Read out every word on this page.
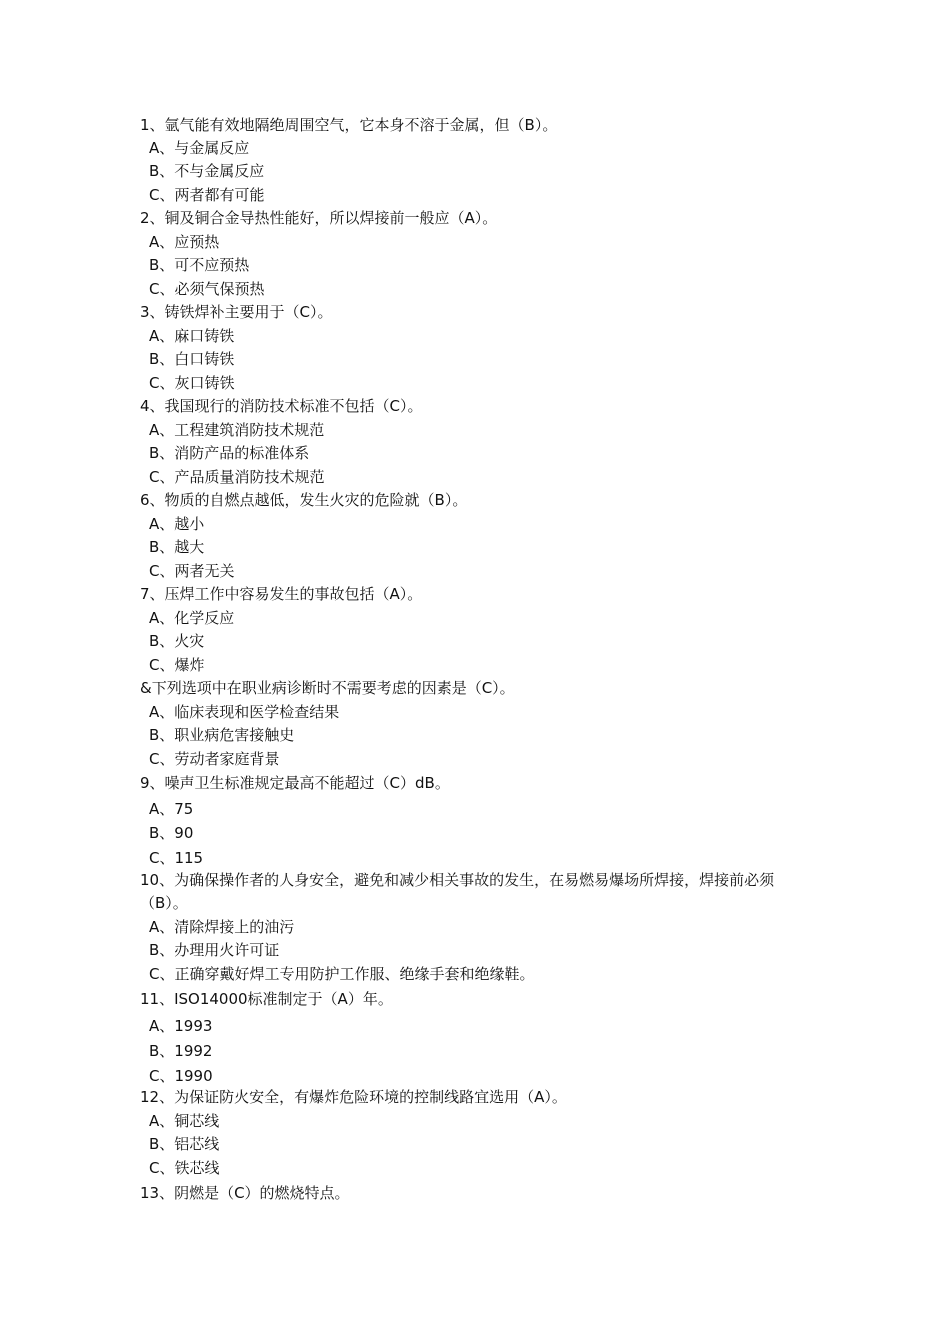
1、氩气能有效地隔绝周围空气，它本身不溶于金属，但（B）。
A、与金属反应
B、不与金属反应
C、两者都有可能
2、铜及铜合金导热性能好，所以焊接前一般应（A）。
A、应预热
B、可不应预热
C、必须气保预热
3、铸铁焊补主要用于（C）。
A、麻口铸铁
B、白口铸铁
C、灰口铸铁
4、我国现行的消防技术标准不包括（C）。
A、工程建筑消防技术规范
B、消防产品的标准体系
C、产品质量消防技术规范
6、物质的自燃点越低，发生火灾的危险就（B）。
A、越小
B、越大
C、两者无关
7、压焊工作中容易发生的事故包括（A）。
A、化学反应
B、火灾
C、爆炸
&下列选项中在职业病诊断时不需要考虑的因素是（C）。
A、临床表现和医学检查结果
B、职业病危害接触史
C、劳动者家庭背景
9、噪声卫生标准规定最高不能超过（C）dB。
A、75
B、90
C、115
10、为确保操作者的人身安全，避免和减少相关事故的发生，在易燃易爆场所焊接，焊接前必须（B）。
A、清除焊接上的油污
B、办理用火许可证
C、正确穿戴好焊工专用防护工作服、绝缘手套和绝缘鞋。
11、ISO14000标准制定于（A）年。
A、1993
B、1992
C、1990
12、为保证防火安全，有爆炸危险环境的控制线路宜选用（A）。
A、铜芯线
B、铝芯线
C、铁芯线
13、阴燃是（C）的燃烧特点。
